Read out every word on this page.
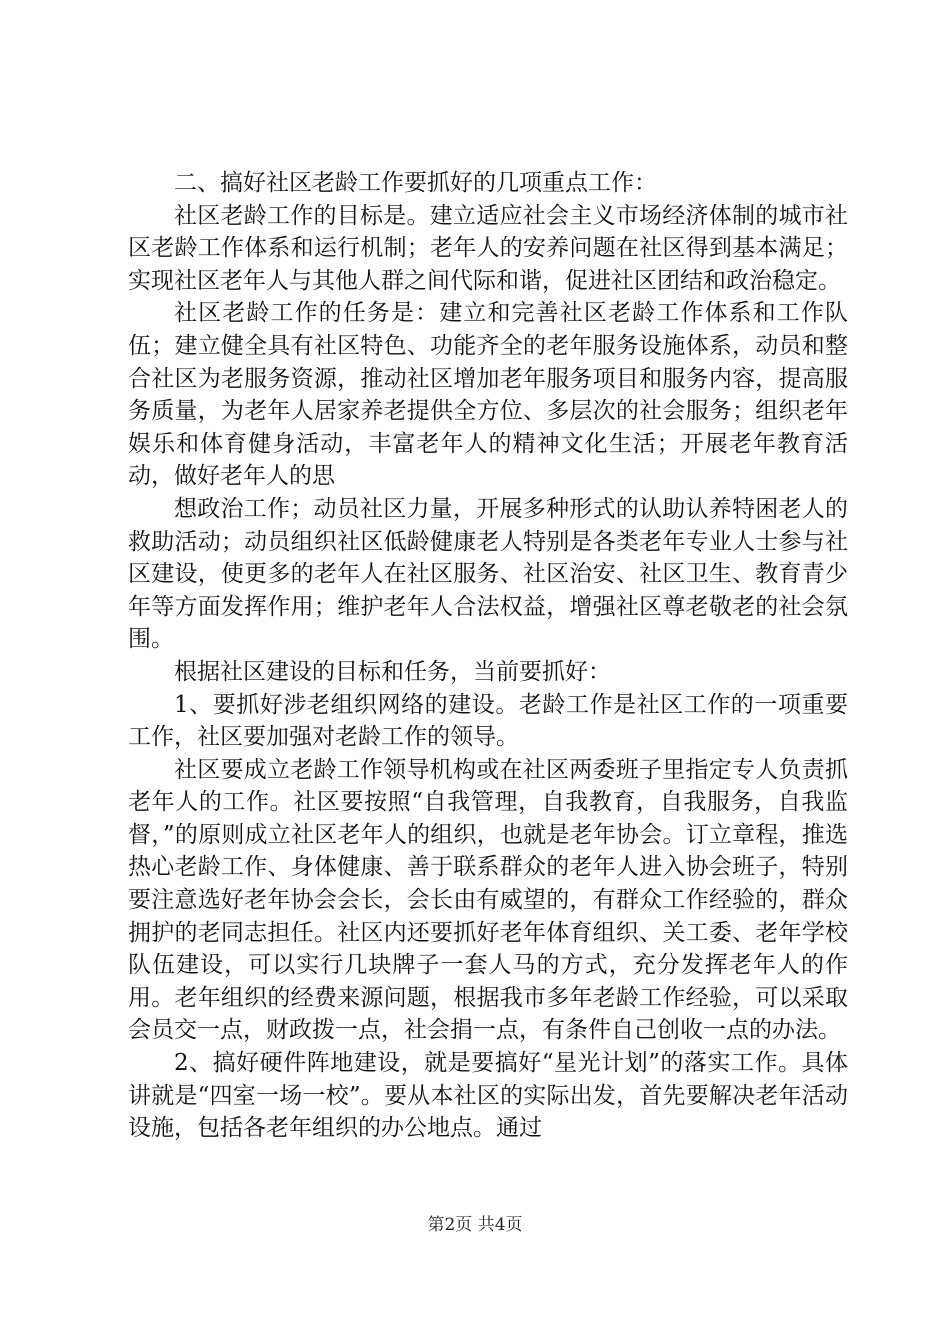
二、搞好社区老龄工作要抓好的几项重点工作：

社区老龄工作的目标是。建立适应社会主义市场经济体制的城市社区老龄工作体系和运行机制；老年人的安养问题在社区得到基本满足；实现社区老年人与其他人群之间代际和谐，促进社区团结和政治稳定。

社区老龄工作的任务是：建立和完善社区老龄工作体系和工作队伍；建立健全具有社区特色、功能齐全的老年服务设施体系，动员和整合社区为老服务资源，推动社区增加老年服务项目和服务内容，提高服务质量，为老年人居家养老提供全方位、多层次的社会服务；组织老年娱乐和体育健身活动，丰富老年人的精神文化生活；开展老年教育活动，做好老年人的思

想政治工作；动员社区力量，开展多种形式的认助认养特困老人的救助活动；动员组织社区低龄健康老人特别是各类老年专业人士参与社区建设，使更多的老年人在社区服务、社区治安、社区卫生、教育青少年等方面发挥作用；维护老年人合法权益，增强社区尊老敬老的社会氛围。

根据社区建设的目标和任务，当前要抓好：

1、要抓好涉老组织网络的建设。老龄工作是社区工作的一项重要工作，社区要加强对老龄工作的领导。

社区要成立老龄工作领导机构或在社区两委班子里指定专人负责抓老年人的工作。社区要按照“自我管理，自我教育，自我服务，自我监督，”的原则成立社区老年人的组织，也就是老年协会。订立章程，推选热心老龄工作、身体健康、善于联系群众的老年人进入协会班子，特别要注意选好老年协会会长，会长由有威望的，有群众工作经验的，群众拥护的老同志担任。社区内还要抓好老年体育组织、关工委、老年学校队伍建设，可以实行几块牌子一套人马的方式，充分发挥老年人的作用。老年组织的经费来源问题，根据我市多年老龄工作经验，可以采取会员交一点，财政拨一点，社会捐一点，有条件自己创收一点的办法。

2、搞好硬件阵地建设，就是要搞好“星光计划”的落实工作。具体讲就是“四室一场一校”。要从本社区的实际出发，首先要解决老年活动设施，包括各老年组织的办公地点。通过

第2页 共4页
